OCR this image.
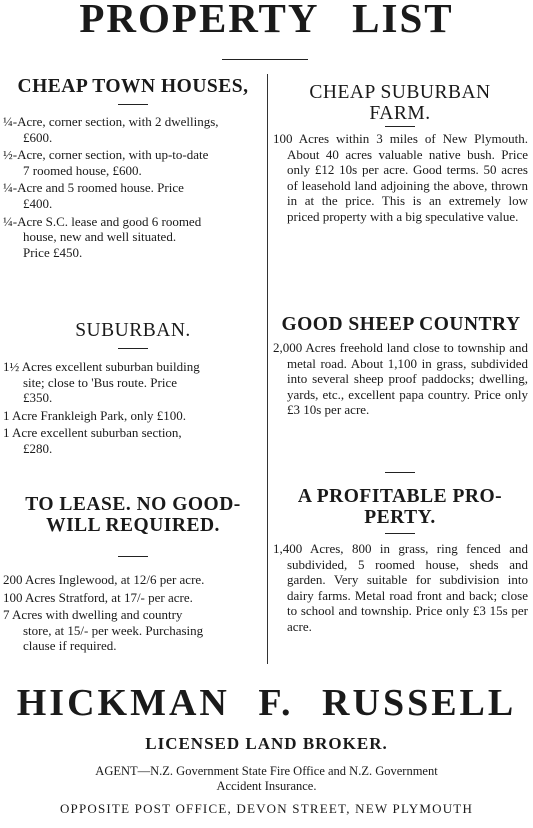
PROPERTY LIST
CHEAP TOWN HOUSES,
¼-Acre, corner section, with 2 dwellings,
£600.
½-Acre, corner section, with up-to-date
7 roomed house, £600.
¼-Acre and 5 roomed house. Price
£400.
¼-Acre S.C. lease and good 6 roomed
house, new and well situated.
Price £450.
SUBURBAN.
1½ Acres excellent suburban building
site; close to 'Bus route. Price
£350.
1 Acre Frankleigh Park, only £100.
1 Acre excellent suburban section,
£280.
TO LEASE. NO GOOD-
WILL REQUIRED.
200 Acres Inglewood, at 12/6 per acre.
100 Acres Stratford, at 17/- per acre.
7 Acres with dwelling and country
store, at 15/- per week. Purchasing
clause if required.
CHEAP SUBURBAN
FARM.

100 Acres within 3 miles of New Plymouth. About 40 acres valuable native bush. Price only £12 10s per acre. Good terms. 50 acres of leasehold land adjoining the above, thrown in at the price. This is an extremely low priced property with a big speculative value.

GOOD SHEEP COUNTRY

2,000 Acres freehold land close to township and metal road. About 1,100 in grass, subdivided into several sheep proof paddocks; dwelling, yards, etc., excellent papa country. Price only £3 10s per acre.

A PROFITABLE PRO-
PERTY.

1,400 Acres, 800 in grass, ring fenced and subdivided, 5 roomed house, sheds and garden. Very suitable for subdivision into dairy farms. Metal road front and back; close to school and township. Price only £3 15s per acre.

HICKMAN F. RUSSELL
LICENSED LAND BROKER.
AGENT—N.Z. Government State Fire Office and N.Z. Government
Accident Insurance.
OPPOSITE POST OFFICE, DEVON STREET, NEW PLYMOUTH
